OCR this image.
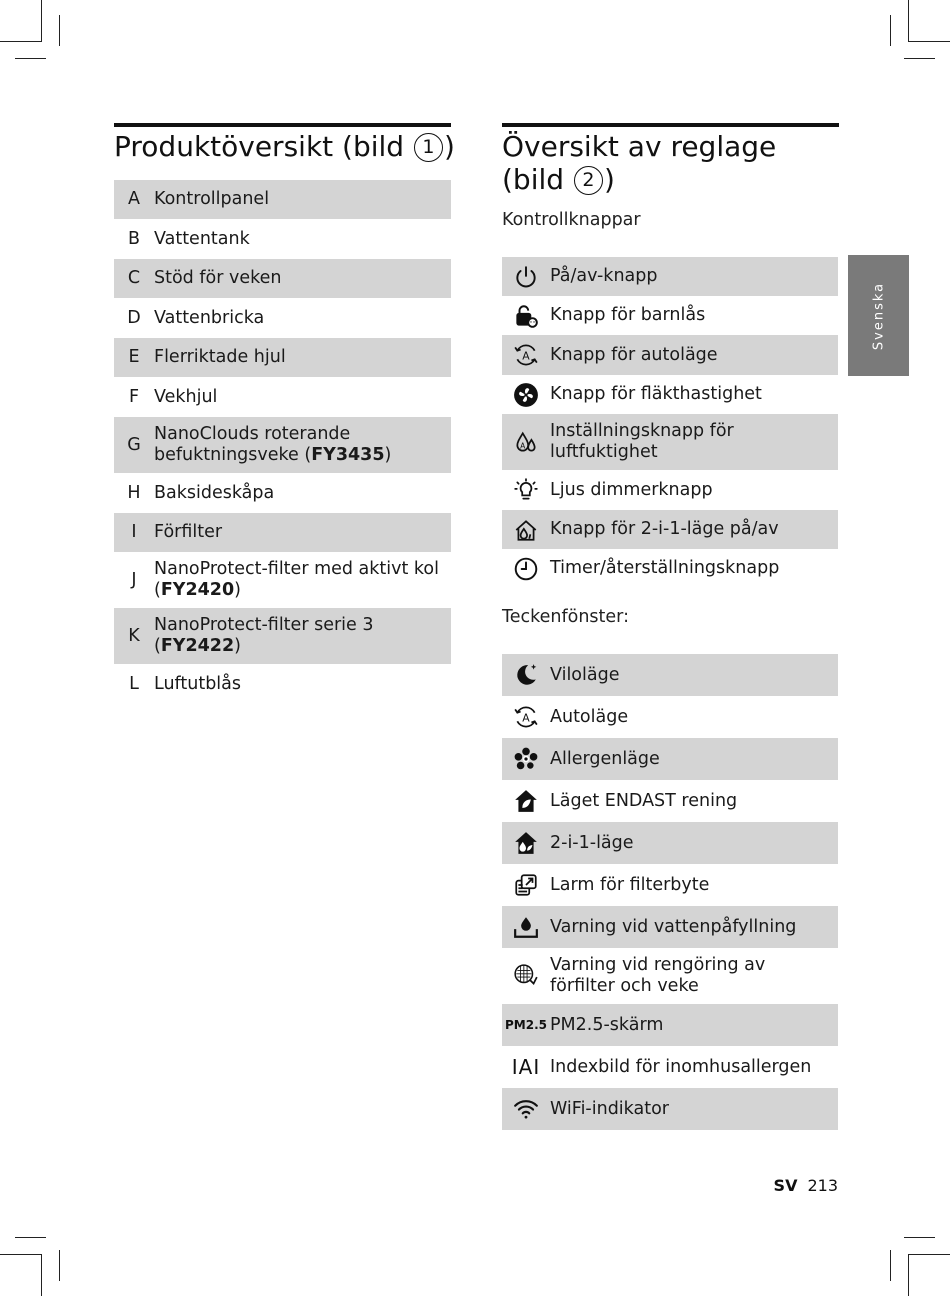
Produktöversikt (bild 1 )
A Kontrollpanel
B Vattentank
C Stöd för veken
D Vattenbricka
E Flerriktade hjul
F Vekhjul
G
NanoClouds roterande befuktningsveke (FY3435)
H Baksideskåpa
I Förfilter
J
NanoProtect-filter med aktivt kol (FY2420)
K
NanoProtect-filter serie 3 (FY2422)
L Luftutblås
Översikt av reglage
(bild 2 )
Kontrollknappar
På/av-knapp
Knapp för barnlås
A Knapp för autoläge
Knapp för fläkthastighet
A
Inställningsknapp för luftfuktighet
Ljus dimmerknapp
Knapp för 2-i-1-läge på/av
Timer/återställningsknapp
Teckenfönster:
Viloläge
A Autoläge
Allergenläge
Läget ENDAST rening
2-i-1-läge
Larm för filterbyte
Varning vid vattenpåfyllning
Varning vid rengöring av förfilter och veke
PM2.5 PM2.5-skärm
IAI Indexbild för inomhusallergen
WiFi-indikator
Svenska
SV 213
